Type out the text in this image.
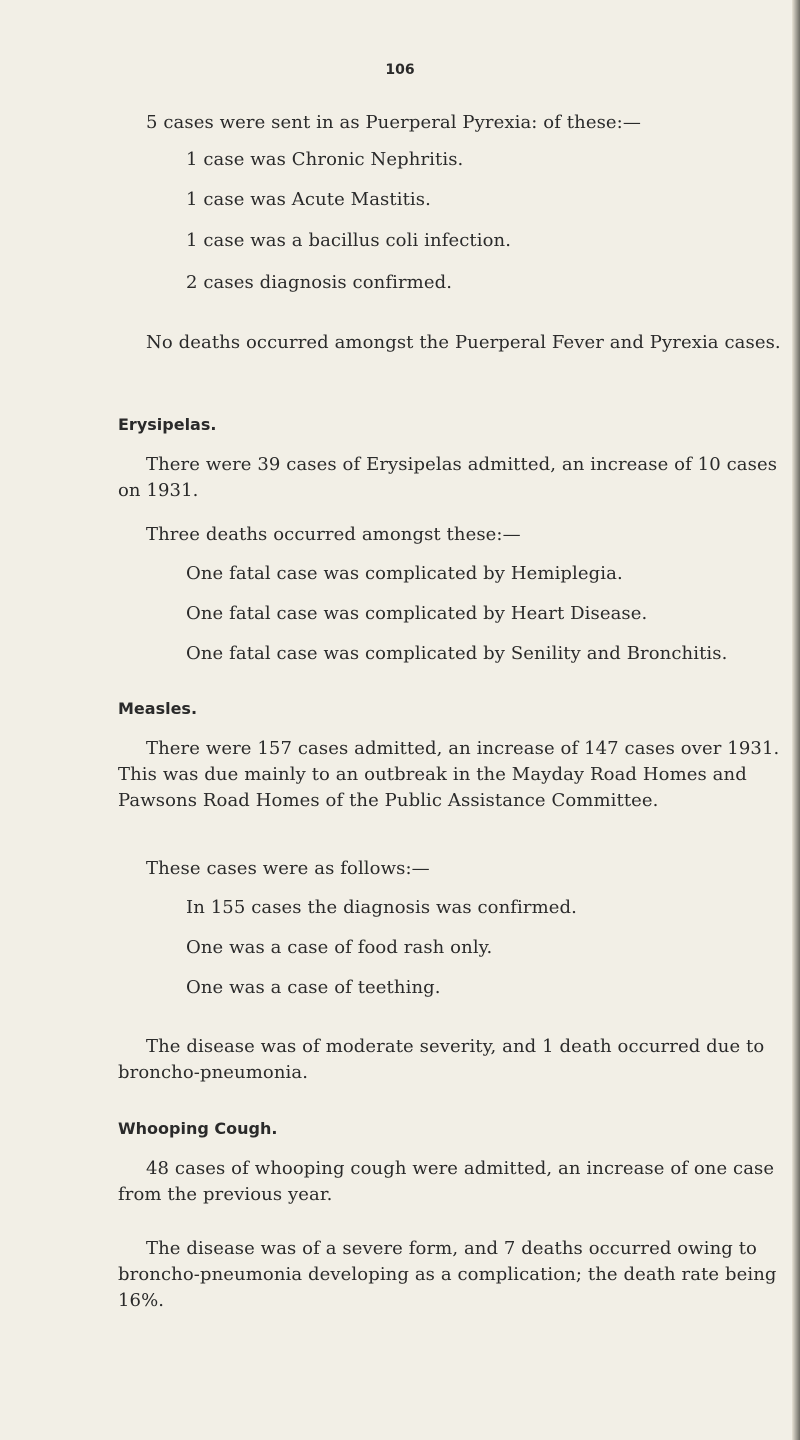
106
5 cases were sent in as Puerperal Pyrexia: of these:—
1 case was Chronic Nephritis.
1 case was Acute Mastitis.
1 case was a bacillus coli infection.
2 cases diagnosis confirmed.
No deaths occurred amongst the Puerperal Fever and Pyrexia cases.
Erysipelas.
There were 39 cases of Erysipelas admitted, an increase of 10 cases on 1931.
Three deaths occurred amongst these:—
One fatal case was complicated by Hemiplegia.
One fatal case was complicated by Heart Disease.
One fatal case was complicated by Senility and Bronchitis.
Measles.
There were 157 cases admitted, an increase of 147 cases over 1931. This was due mainly to an outbreak in the Mayday Road Homes and Pawsons Road Homes of the Public Assistance Committee.
These cases were as follows:—
In 155 cases the diagnosis was confirmed.
One was a case of food rash only.
One was a case of teething.
The disease was of moderate severity, and 1 death occurred due to broncho-pneumonia.
Whooping Cough.
48 cases of whooping cough were admitted, an increase of one case from the previous year.
The disease was of a severe form, and 7 deaths occurred owing to broncho-pneumonia developing as a complication; the death rate being 16%.
